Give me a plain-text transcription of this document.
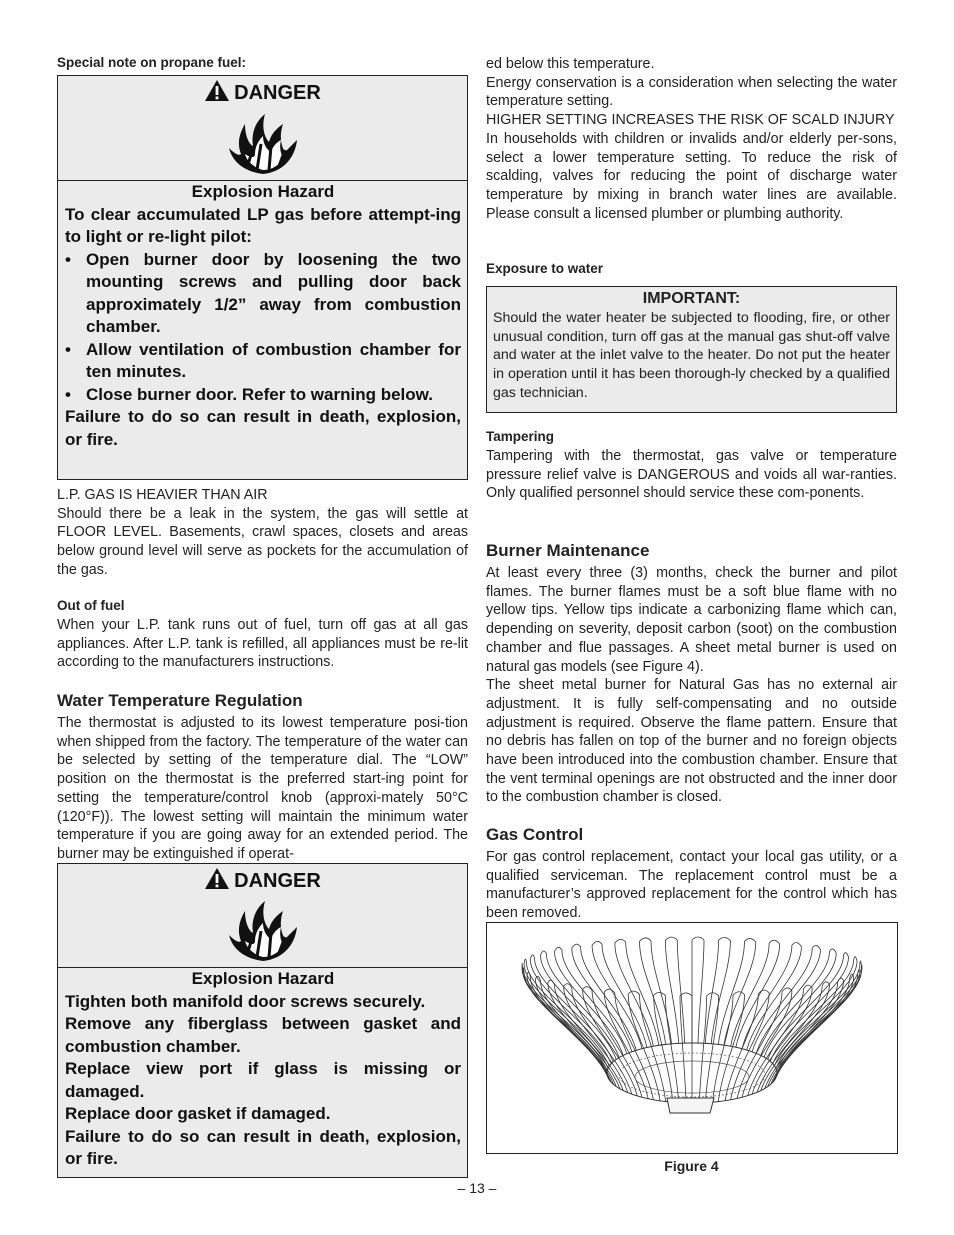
Special note on propane fuel:
DANGER
Explosion Hazard
To clear accumulated LP gas before attempt-ing to light or re-light pilot:
• Open burner door by loosening the two mounting screws and pulling door back approximately 1/2” away from combustion chamber.
• Allow ventilation of combustion chamber for ten minutes.
• Close burner door. Refer to warning below.
Failure to do so can result in death, explosion, or fire.

L.P. GAS IS HEAVIER THAN AIR

Should there be a leak in the system, the gas will settle at FLOOR LEVEL. Basements, crawl spaces, closets and areas below ground level will serve as pockets for the accumulation of the gas.

Out of fuel

When your L.P. tank runs out of fuel, turn off gas at all gas appliances. After L.P. tank is refilled, all appliances must be re-lit according to the manufacturers instructions.

Water Temperature Regulation

The thermostat is adjusted to its lowest temperature posi-tion when shipped from the factory. The temperature of the water can be selected by setting of the temperature dial. The “LOW” position on the thermostat is the preferred start-ing point for setting the temperature/control knob (approxi-mately 50°C (120°F)). The lowest setting will maintain the minimum water temperature if you are going away for an extended period. The burner may be extinguished if operat-

DANGER
Explosion Hazard
Tighten both manifold door screws securely.
Remove any fiberglass between gasket and combustion chamber.
Replace view port if glass is missing or damaged.
Replace door gasket if damaged.
Failure to do so can result in death, explosion, or fire.

ed below this temperature.

Energy conservation is a consideration when selecting the water temperature setting.

HIGHER SETTING INCREASES THE RISK OF SCALD INJURY

In households with children or invalids and/or elderly per-sons, select a lower temperature setting. To reduce the risk of scalding, valves for reducing the point of discharge water temperature by mixing in branch water lines are available. Please consult a licensed plumber or plumbing authority.

Exposure to water
IMPORTANT:
Should the water heater be subjected to flooding, fire, or other unusual condition, turn off gas at the manual gas shut-off valve and water at the inlet valve to the heater. Do not put the heater in operation until it has been thorough-ly checked by a qualified gas technician.
Tampering

Tampering with the thermostat, gas valve or temperature pressure relief valve is DANGEROUS and voids all war-ranties. Only qualified personnel should service these com-ponents.

Burner Maintenance

At least every three (3) months, check the burner and pilot flames. The burner flames must be a soft blue flame with no yellow tips. Yellow tips indicate a carbonizing flame which can, depending on severity, deposit carbon (soot) on the combustion chamber and flue passages. A sheet metal burner is used on natural gas models (see Figure 4).

The sheet metal burner for Natural Gas has no external air adjustment. It is fully self-compensating and no outside adjustment is required. Observe the flame pattern. Ensure that no debris has fallen on top of the burner and no foreign objects have been introduced into the combustion chamber. Ensure that the vent terminal openings are not obstructed and the inner door to the combustion chamber is closed.

Gas Control

For gas control replacement, contact your local gas utility, or a qualified serviceman. The replacement control must be a manufacturer’s approved replacement for the control which has been removed.

Figure 4
– 13 –
